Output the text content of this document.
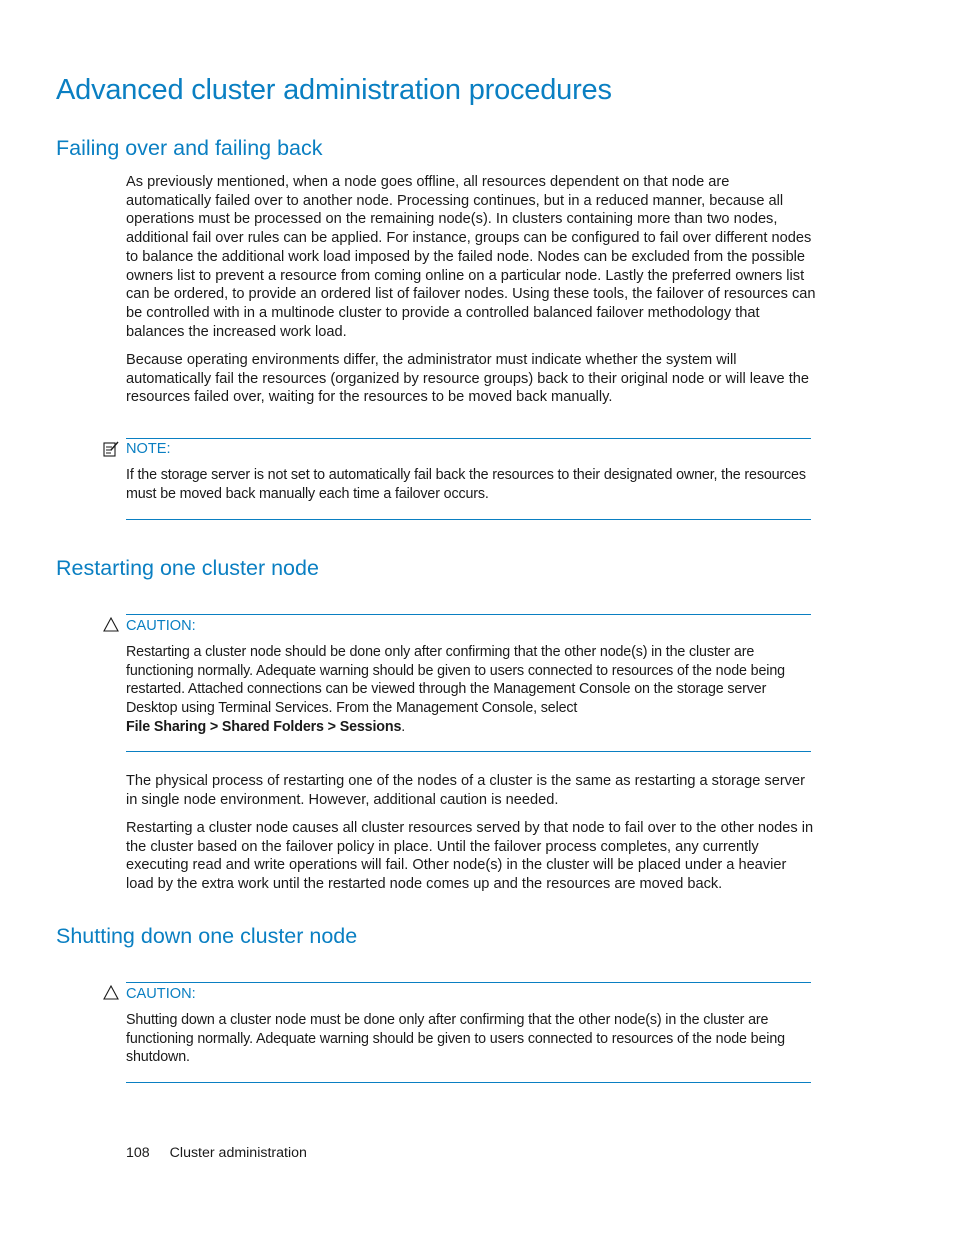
Advanced cluster administration procedures
Failing over and failing back

As previously mentioned, when a node goes offline, all resources dependent on that node are automatically failed over to another node. Processing continues, but in a reduced manner, because all operations must be processed on the remaining node(s). In clusters containing more than two nodes, additional fail over rules can be applied. For instance, groups can be configured to fail over different nodes to balance the additional work load imposed by the failed node. Nodes can be excluded from the possible owners list to prevent a resource from coming online on a particular node. Lastly the preferred owners list can be ordered, to provide an ordered list of failover nodes. Using these tools, the failover of resources can be controlled with in a multinode cluster to provide a controlled balanced failover methodology that balances the increased work load.

Because operating environments differ, the administrator must indicate whether the system will automatically fail the resources (organized by resource groups) back to their original node or will leave the resources failed over, waiting for the resources to be moved back manually.

NOTE:

If the storage server is not set to automatically fail back the resources to their designated owner, the resources must be moved back manually each time a failover occurs.

Restarting one cluster node
CAUTION:

Restarting a cluster node should be done only after confirming that the other node(s) in the cluster are functioning normally. Adequate warning should be given to users connected to resources of the node being restarted. Attached connections can be viewed through the Management Console on the storage server Desktop using Terminal Services. From the Management Console, select
File Sharing > Shared Folders > Sessions.

The physical process of restarting one of the nodes of a cluster is the same as restarting a storage server in single node environment. However, additional caution is needed.

Restarting a cluster node causes all cluster resources served by that node to fail over to the other nodes in the cluster based on the failover policy in place. Until the failover process completes, any currently executing read and write operations will fail. Other node(s) in the cluster will be placed under a heavier load by the extra work until the restarted node comes up and the resources are moved back.

Shutting down one cluster node
CAUTION:

Shutting down a cluster node must be done only after confirming that the other node(s) in the cluster are functioning normally. Adequate warning should be given to users connected to resources of the node being shutdown.

108 Cluster administration
